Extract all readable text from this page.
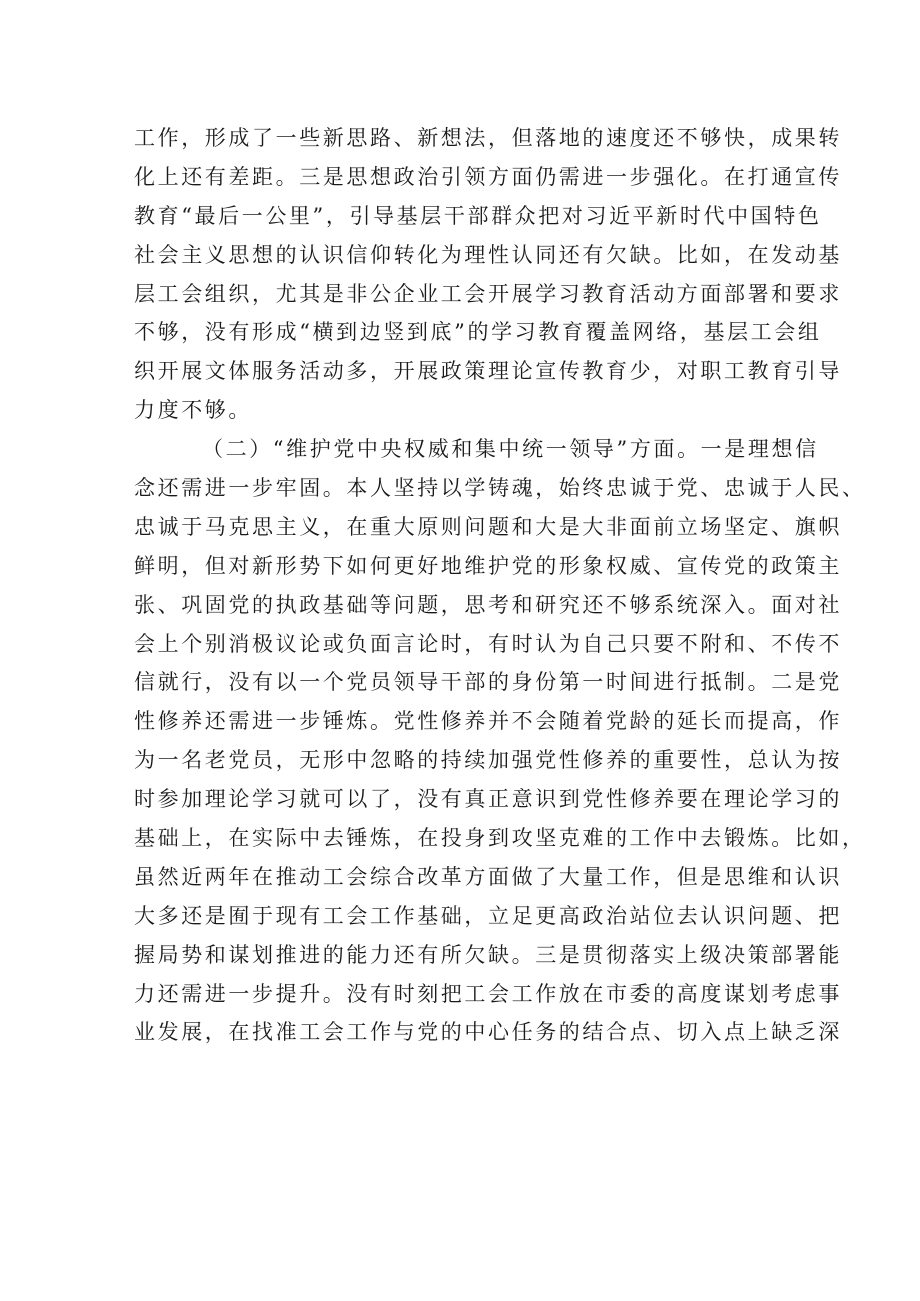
工作，形成了一些新思路、新想法，但落地的速度还不够快，成果转
化上还有差距。三是思想政治引领方面仍需进一步强化。在打通宣传
教育“最后一公里”，引导基层干部群众把对习近平新时代中国特色
社会主义思想的认识信仰转化为理性认同还有欠缺。比如，在发动基
层工会组织，尤其是非公企业工会开展学习教育活动方面部署和要求
不够，没有形成“横到边竖到底”的学习教育覆盖网络，基层工会组
织开展文体服务活动多，开展政策理论宣传教育少，对职工教育引导
力度不够。
（二）“维护党中央权威和集中统一领导”方面。一是理想信
念还需进一步牢固。本人坚持以学铸魂，始终忠诚于党、忠诚于人民、
忠诚于马克思主义，在重大原则问题和大是大非面前立场坚定、旗帜
鲜明，但对新形势下如何更好地维护党的形象权威、宣传党的政策主
张、巩固党的执政基础等问题，思考和研究还不够系统深入。面对社
会上个别消极议论或负面言论时，有时认为自己只要不附和、不传不
信就行，没有以一个党员领导干部的身份第一时间进行抵制。二是党
性修养还需进一步锤炼。党性修养并不会随着党龄的延长而提高，作
为一名老党员，无形中忽略的持续加强党性修养的重要性，总认为按
时参加理论学习就可以了，没有真正意识到党性修养要在理论学习的
基础上，在实际中去锤炼，在投身到攻坚克难的工作中去锻炼。比如，
虽然近两年在推动工会综合改革方面做了大量工作，但是思维和认识
大多还是囿于现有工会工作基础，立足更高政治站位去认识问题、把
握局势和谋划推进的能力还有所欠缺。三是贯彻落实上级决策部署能
力还需进一步提升。没有时刻把工会工作放在市委的高度谋划考虑事
业发展，在找准工会工作与党的中心任务的结合点、切入点上缺乏深
